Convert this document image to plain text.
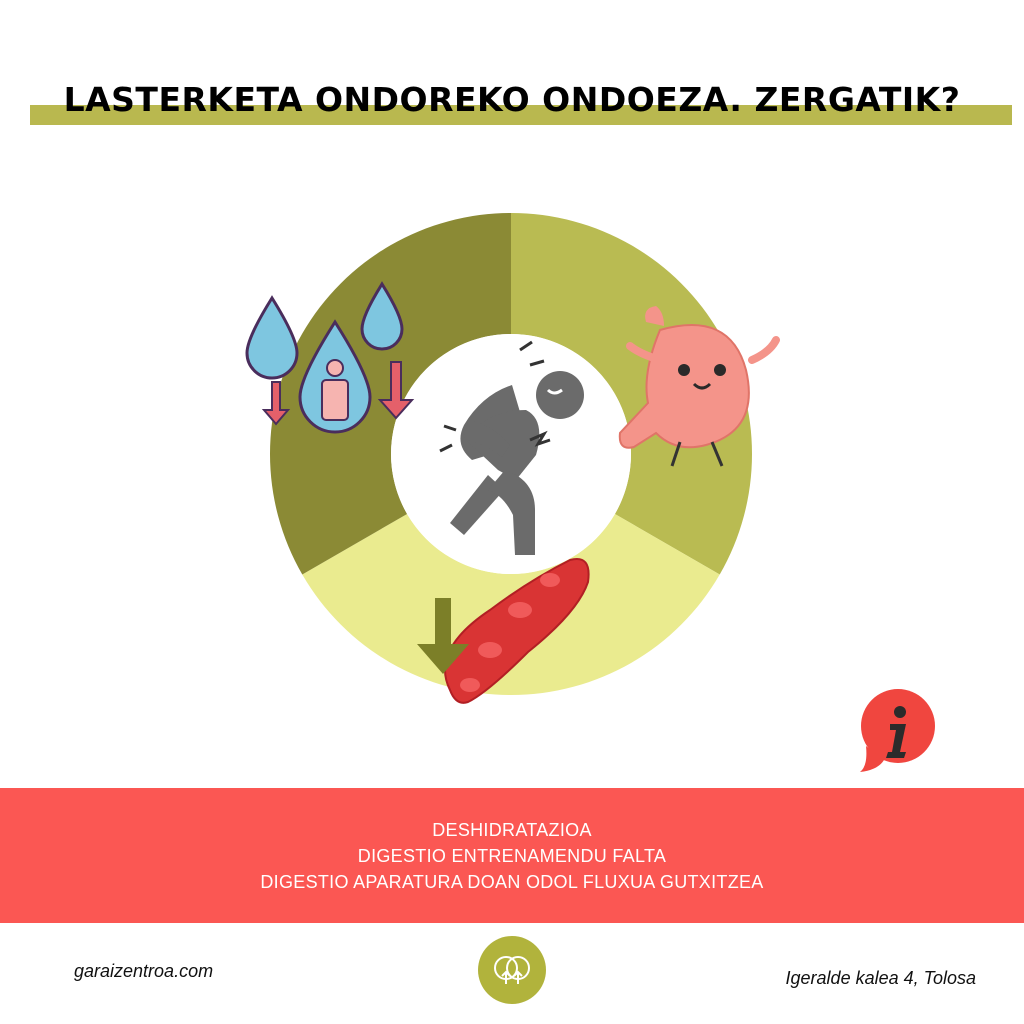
LASTERKETA ONDOREKO ONDOEZA. ZERGATIK?
DESHIDRATAZIOA
DIGESTIO ENTRENAMENDU FALTA
DIGESTIO APARATURA DOAN ODOL FLUXUA GUTXITZEA
garaizentroa.com	Igeralde kalea 4, Tolosa
